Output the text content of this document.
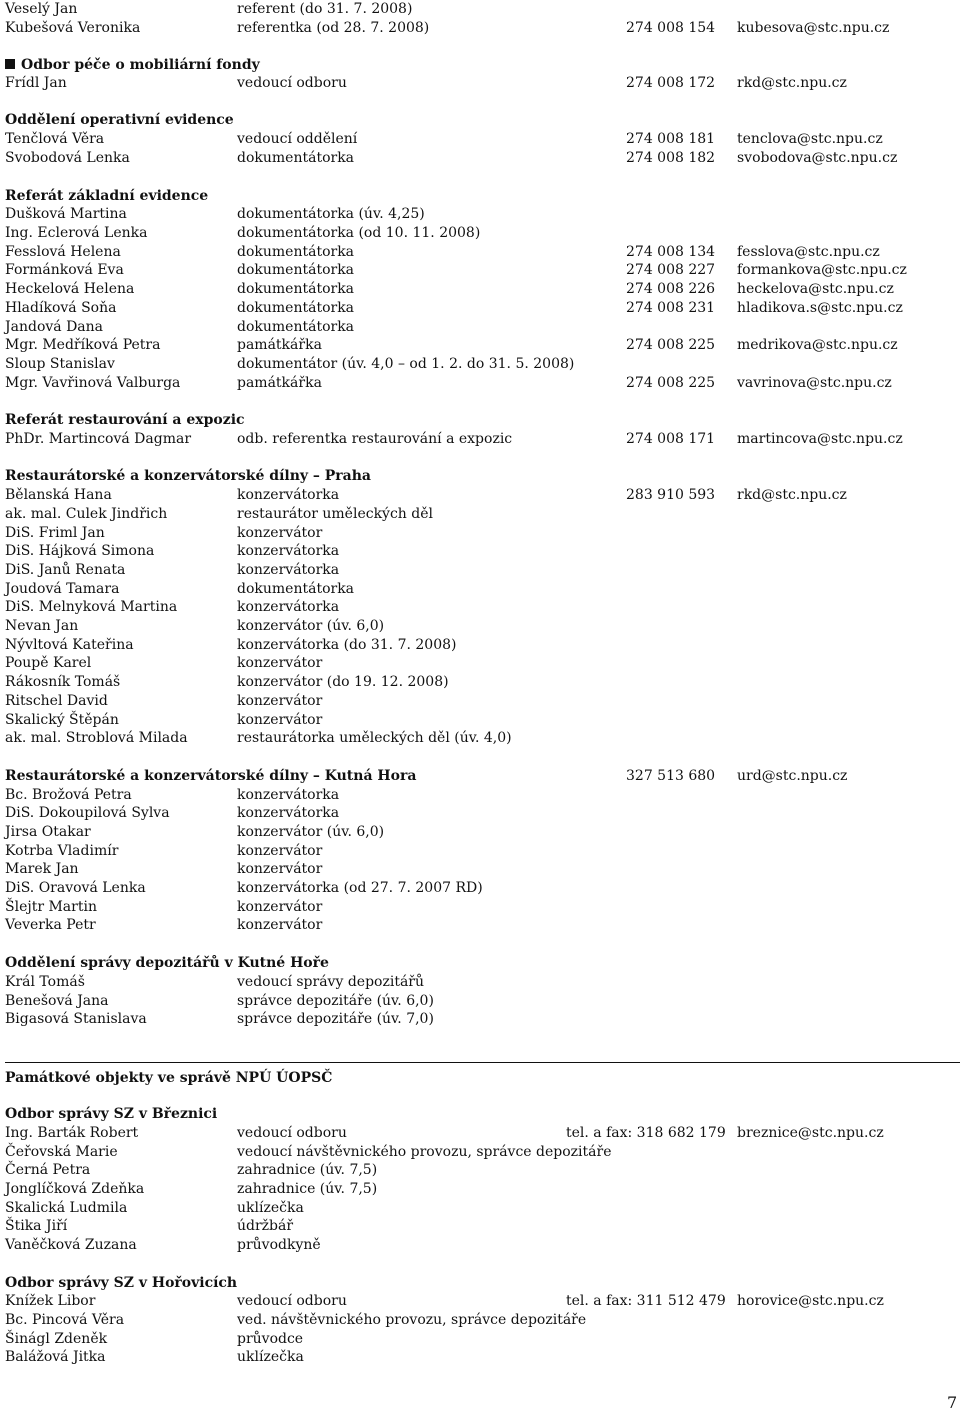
7
Veselý Jan	referent (do 31. 7. 2008)
Kubešová Veronika	referentka (od 28. 7. 2008)	274 008 154 kubesova@stc.npu.cz
Odbor péče o mobiliární fondy
Frídl Jan	vedoucí odboru	274 008 172 rkd@stc.npu.cz
Oddělení operativní evidence
Tenčlová Věra	vedoucí oddělení	274 008 181 tenclova@stc.npu.cz
Svobodová Lenka	dokumentátorka	274 008 182 svobodova@stc.npu.cz
Referát základní evidence
Dušková Martina	dokumentátorka (úv. 4,25)
Ing. Eclerová Lenka	dokumentátorka (od 10. 11. 2008)
Fesslová Helena	dokumentátorka	274 008 134 fesslova@stc.npu.cz
Formánková Eva	dokumentátorka	274 008 227 formankova@stc.npu.cz
Heckelová Helena	dokumentátorka	274 008 226 heckelova@stc.npu.cz
Hladíková Soňa	dokumentátorka	274 008 231 hladikova.s@stc.npu.cz
Jandová Dana	dokumentátorka
Mgr. Medříková Petra	památkářka	274 008 225 medrikova@stc.npu.cz
Sloup Stanislav	dokumentátor (úv. 4,0 – od 1. 2. do 31. 5. 2008)
Mgr. Vavřinová Valburga	památkářka	274 008 225 vavrinova@stc.npu.cz
Referát restaurování a expozic
PhDr. Martincová Dagmar	odb. referentka restaurování a expozic	274 008 171 martincova@stc.npu.cz
Restaurátorské a konzervátorské dílny – Praha
Bělanská Hana	konzervátorka	283 910 593 rkd@stc.npu.cz
ak. mal. Culek Jindřich	restaurátor uměleckých děl
DiS. Friml Jan	konzervátor
DiS. Hájková Simona	konzervátorka
DiS. Janů Renata	konzervátorka
Joudová Tamara	dokumentátorka
DiS. Melnyková Martina	konzervátorka
Nevan Jan	konzervátor (úv. 6,0)
Nývltová Kateřina	konzervátorka (do 31. 7. 2008)
Poupě Karel	konzervátor
Rákosník Tomáš	konzervátor (do 19. 12. 2008)
Ritschel David	konzervátor
Skalický Štěpán	konzervátor
ak. mal. Stroblová Milada	restaurátorka uměleckých děl (úv. 4,0)
Restaurátorské a konzervátorské dílny – Kutná Hora	327 513 680 urd@stc.npu.cz
Bc. Brožová Petra	konzervátorka
DiS. Dokoupilová Sylva	konzervátorka
Jirsa Otakar	konzervátor (úv. 6,0)
Kotrba Vladimír	konzervátor
Marek Jan	konzervátor
DiS. Oravová Lenka	konzervátorka (od 27. 7. 2007 RD)
Šlejtr Martin	konzervátor
Veverka Petr	konzervátor
Oddělení správy depozitářů v Kutné Hoře
Král Tomáš	vedoucí správy depozitářů
Benešová Jana	správce depozitáře (úv. 6,0)
Bigasová Stanislava	správce depozitáře (úv. 7,0)
Památkové objekty ve správě NPÚ ÚOPSČ
Odbor správy SZ v Březnici
Ing. Barták Robert	vedoucí odboru	tel. a fax: 318 682 179 breznice@stc.npu.cz
Čeřovská Marie	vedoucí návštěvnického provozu, správce depozitáře
Černá Petra	zahradnice (úv. 7,5)
Jonglíčková Zdeňka	zahradnice (úv. 7,5)
Skalická Ludmila	uklízečka
Štika Jiří	údržbář
Vaněčková Zuzana	průvodkyně
Odbor správy SZ v Hořovicích
Knížek Libor	vedoucí odboru	tel. a fax: 311 512 479 horovice@stc.npu.cz
Bc. Pincová Věra	ved. návštěvnického provozu, správce depozitáře
Šinágl Zdeněk	průvodce
Balážová Jitka	uklízečka
